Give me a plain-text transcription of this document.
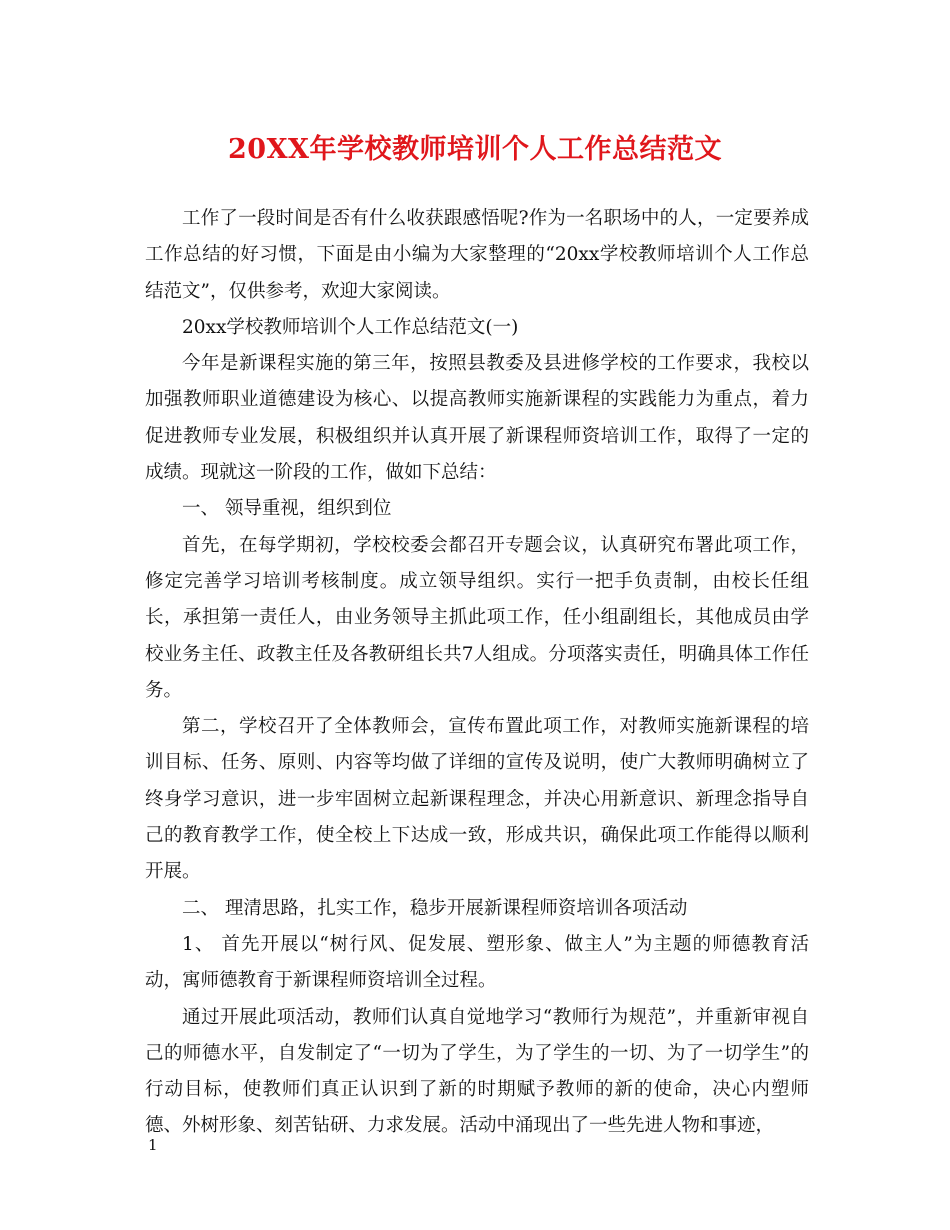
20XX年学校教师培训个人工作总结范文

工作了一段时间是否有什么收获跟感悟呢?作为一名职场中的人，一定要养成工作总结的好习惯，下面是由小编为大家整理的“20xx学校教师培训个人工作总结范文”，仅供参考，欢迎大家阅读。

20xx学校教师培训个人工作总结范文(一)

今年是新课程实施的第三年，按照县教委及县进修学校的工作要求，我校以加强教师职业道德建设为核心、以提高教师实施新课程的实践能力为重点，着力促进教师专业发展，积极组织并认真开展了新课程师资培训工作，取得了一定的成绩。现就这一阶段的工作，做如下总结：

一、 领导重视，组织到位

首先，在每学期初，学校校委会都召开专题会议，认真研究布署此项工作，修定完善学习培训考核制度。成立领导组织。实行一把手负责制，由校长任组长，承担第一责任人，由业务领导主抓此项工作，任小组副组长，其他成员由学校业务主任、政教主任及各教研组长共7人组成。分项落实责任，明确具体工作任务。

第二，学校召开了全体教师会，宣传布置此项工作，对教师实施新课程的培训目标、任务、原则、内容等均做了详细的宣传及说明，使广大教师明确树立了终身学习意识，进一步牢固树立起新课程理念，并决心用新意识、新理念指导自己的教育教学工作，使全校上下达成一致，形成共识，确保此项工作能得以顺利开展。

二、 理清思路，扎实工作，稳步开展新课程师资培训各项活动

1、 首先开展以“树行风、促发展、塑形象、做主人”为主题的师德教育活动，寓师德教育于新课程师资培训全过程。

通过开展此项活动，教师们认真自觉地学习“教师行为规范”，并重新审视自己的师德水平，自发制定了“一切为了学生，为了学生的一切、为了一切学生”的行动目标，使教师们真正认识到了新的时期赋予教师的新的使命，决心内塑师德、外树形象、刻苦钻研、力求发展。活动中涌现出了一些先进人物和事迹，

1
